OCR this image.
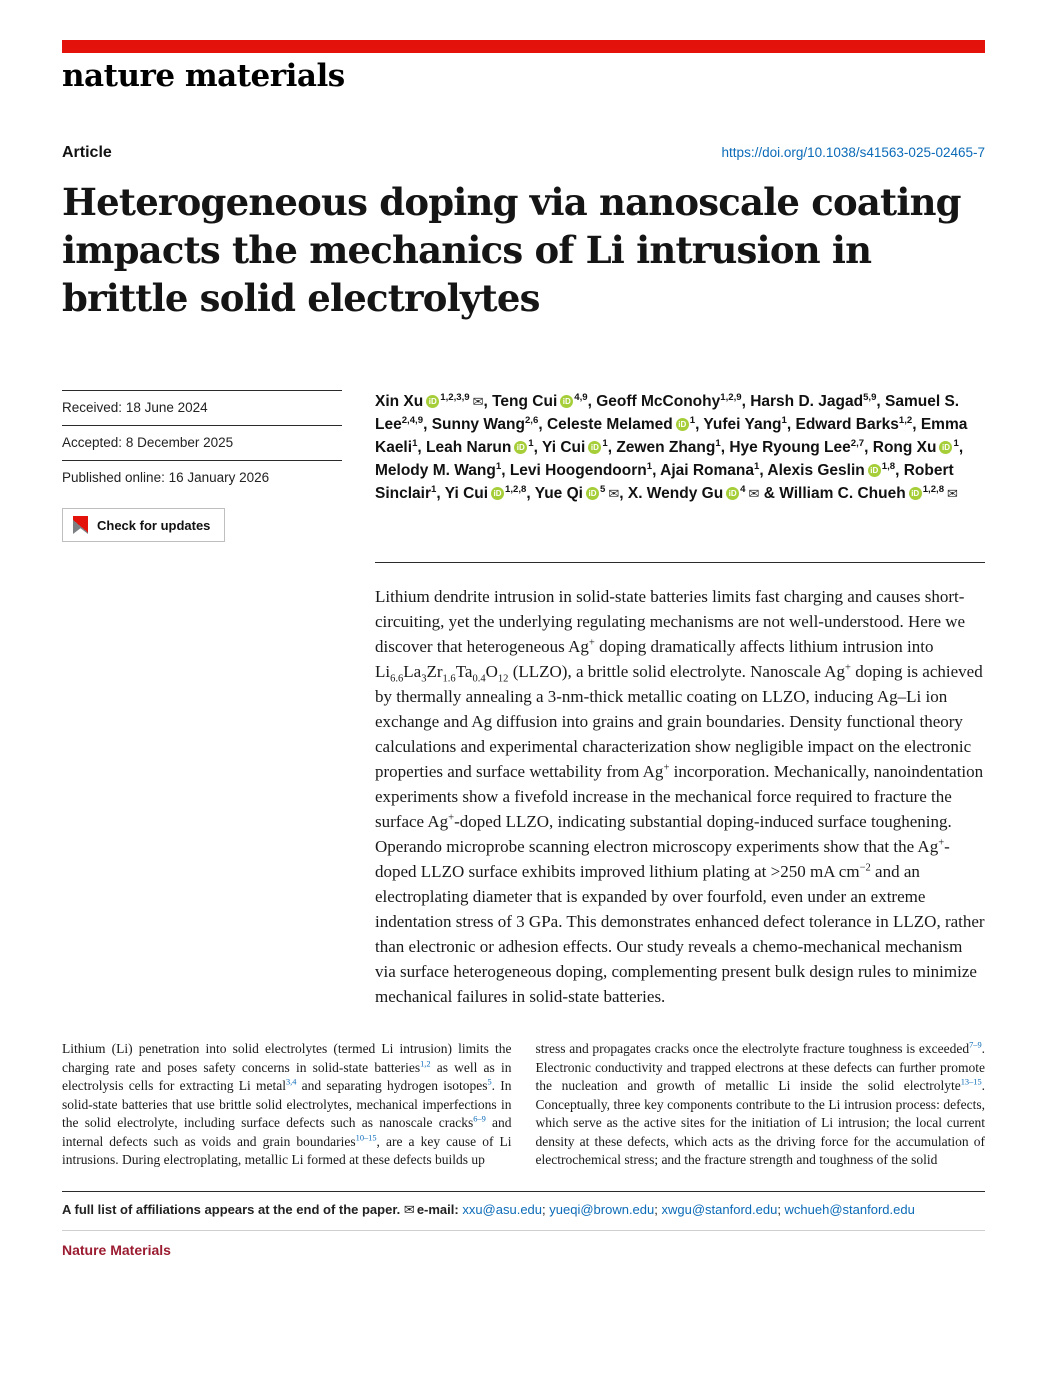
nature materials
Article	https://doi.org/10.1038/s41563-025-02465-7
Heterogeneous doping via nanoscale coating impacts the mechanics of Li intrusion in brittle solid electrolytes
Received: 18 June 2024
Accepted: 8 December 2025
Published online: 16 January 2026
Check for updates

Xin Xu iD $^{1,2,3,9}$ ✉, Teng Cui iD $^{4,9}$, Geoff McConohy$^{1,2,9}$, Harsh D. Jagad$^{5,9}$, Samuel S. Lee$^{2,4,9}$, Sunny Wang$^{2,6}$, Celeste Melamed iD $^1$, Yufei Yang$^1$, Edward Barks$^{1,2}$, Emma Kaeli$^1$, Leah Narun iD $^1$, Yi Cui iD $^1$, Zewen Zhang$^1$, Hye Ryoung Lee$^{2,7}$, Rong Xu iD $^1$, Melody M. Wang$^1$, Levi Hoogendoorn$^1$, Ajai Romana$^1$, Alexis Geslin iD $^{1,8}$, Robert Sinclair$^1$, Yi Cui iD $^{1,2,8}$, Yue Qi iD $^5$ ✉, X. Wendy Gu iD $^4$ ✉ & William C. Chueh iD $^{1,2,8}$ ✉

Lithium dendrite intrusion in solid-state batteries limits fast charging and causes short-circuiting, yet the underlying regulating mechanisms are not well-understood. Here we discover that heterogeneous Ag+ doping dramatically affects lithium intrusion into $Li_{6.6}La_3Zr_{1.6}Ta_{0.4}O_{12}$ (LLZO), a brittle solid electrolyte. Nanoscale Ag+ doping is achieved by thermally annealing a 3-nm-thick metallic coating on LLZO, inducing Ag–Li ion exchange and Ag diffusion into grains and grain boundaries. Density functional theory calculations and experimental characterization show negligible impact on the electronic properties and surface wettability from Ag+ incorporation. Mechanically, nanoindentation experiments show a fivefold increase in the mechanical force required to fracture the surface Ag+-doped LLZO, indicating substantial doping-induced surface toughening. Operando microprobe scanning electron microscopy experiments show that the Ag+-doped LLZO surface exhibits improved lithium plating at >250 mA $cm^{-2}$ and an electroplating diameter that is expanded by over fourfold, even under an extreme indentation stress of 3 GPa. This demonstrates enhanced defect tolerance in LLZO, rather than electronic or adhesion effects. Our study reveals a chemo-mechanical mechanism via surface heterogeneous doping, complementing present bulk design rules to minimize mechanical failures in solid-state batteries.

Lithium (Li) penetration into solid electrolytes (termed Li intrusion) limits the charging rate and poses safety concerns in solid-state batteries$^{1,2}$ as well as in electrolysis cells for extracting Li metal$^{3,4}$ and separating hydrogen isotopes$^5$. In solid-state batteries that use brittle solid electrolytes, mechanical imperfections in the solid electrolyte, including surface defects such as nanoscale cracks$^{6-9}$ and internal defects such as voids and grain boundaries$^{10-15}$, are a key cause of Li intrusions. During electroplating, metallic Li formed at these defects builds up

stress and propagates cracks once the electrolyte fracture toughness is exceeded$^{7-9}$. Electronic conductivity and trapped electrons at these defects can further promote the nucleation and growth of metallic Li inside the solid electrolyte$^{13-15}$. Conceptually, three key components contribute to the Li intrusion process: defects, which serve as the active sites for the initiation of Li intrusion; the local current density at these defects, which acts as the driving force for the accumulation of electrochemical stress; and the fracture strength and toughness of the solid

A full list of affiliations appears at the end of the paper. ✉ e-mail: xxu@asu.edu; yueqi@brown.edu; xwgu@stanford.edu; wchueh@stanford.edu
Nature Materials
